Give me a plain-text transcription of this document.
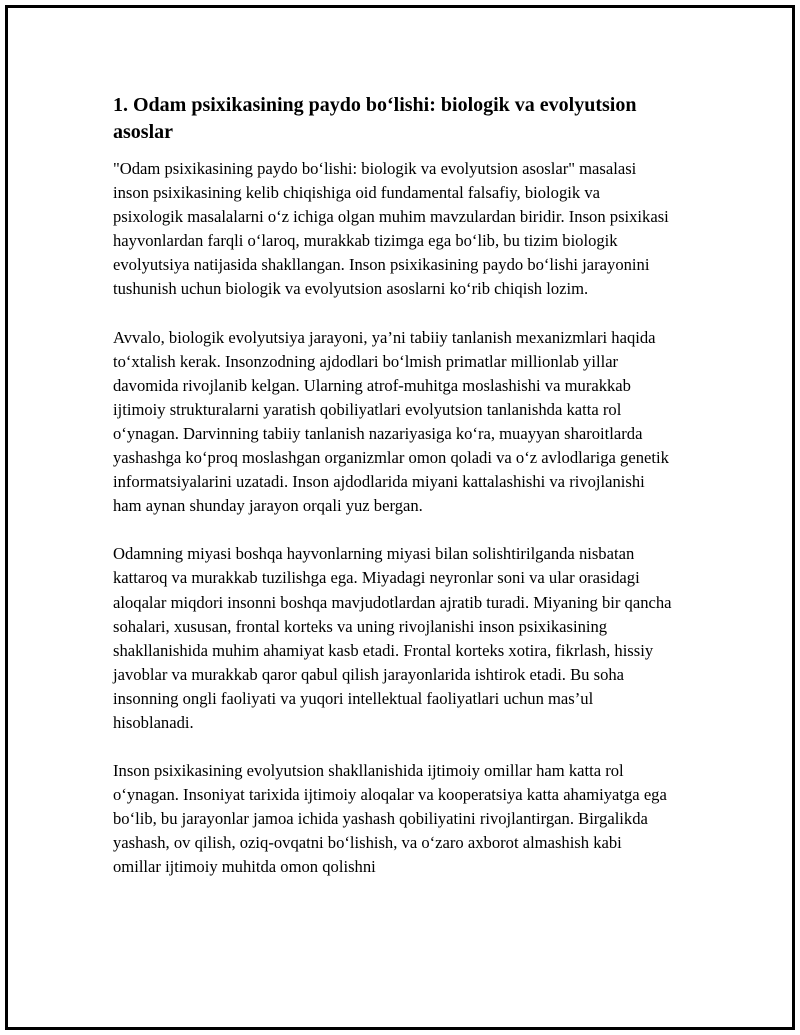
1. Odam psixikasining paydo boʻlishi: biologik va evolyutsion asoslar

"Odam psixikasining paydo boʻlishi: biologik va evolyutsion asoslar" masalasi inson psixikasining kelib chiqishiga oid fundamental falsafiy, biologik va psixologik masalalarni oʻz ichiga olgan muhim mavzulardan biridir. Inson psixikasi hayvonlardan farqli oʻlaroq, murakkab tizimga ega boʻlib, bu tizim biologik evolyutsiya natijasida shakllangan. Inson psixikasining paydo boʻlishi jarayonini tushunish uchun biologik va evolyutsion asoslarni koʻrib chiqish lozim.

Avvalo, biologik evolyutsiya jarayoni, ya’ni tabiiy tanlanish mexanizmlari haqida toʻxtalish kerak. Insonzodning ajdodlari boʻlmish primatlar millionlab yillar davomida rivojlanib kelgan. Ularning atrof-muhitga moslashishi va murakkab ijtimoiy strukturalarni yaratish qobiliyatlari evolyutsion tanlanishda katta rol oʻynagan. Darvinning tabiiy tanlanish nazariyasiga koʻra, muayyan sharoitlarda yashashga koʻproq moslashgan organizmlar omon qoladi va oʻz avlodlariga genetik informatsiyalarini uzatadi. Inson ajdodlarida miyani kattalashishi va rivojlanishi ham aynan shunday jarayon orqali yuz bergan.

Odamning miyasi boshqa hayvonlarning miyasi bilan solishtirilganda nisbatan kattaroq va murakkab tuzilishga ega. Miyadagi neyronlar soni va ular orasidagi aloqalar miqdori insonni boshqa mavjudotlardan ajratib turadi. Miyaning bir qancha sohalari, xususan, frontal korteks va uning rivojlanishi inson psixikasining shakllanishida muhim ahamiyat kasb etadi. Frontal korteks xotira, fikrlash, hissiy javoblar va murakkab qaror qabul qilish jarayonlarida ishtirok etadi. Bu soha insonning ongli faoliyati va yuqori intellektual faoliyatlari uchun mas’ul hisoblanadi.

Inson psixikasining evolyutsion shakllanishida ijtimoiy omillar ham katta rol oʻynagan. Insoniyat tarixida ijtimoiy aloqalar va kooperatsiya katta ahamiyatga ega boʻlib, bu jarayonlar jamoa ichida yashash qobiliyatini rivojlantirgan. Birgalikda yashash, ov qilish, oziq-ovqatni boʻlishish, va oʻzaro axborot almashish kabi omillar ijtimoiy muhitda omon qolishni
